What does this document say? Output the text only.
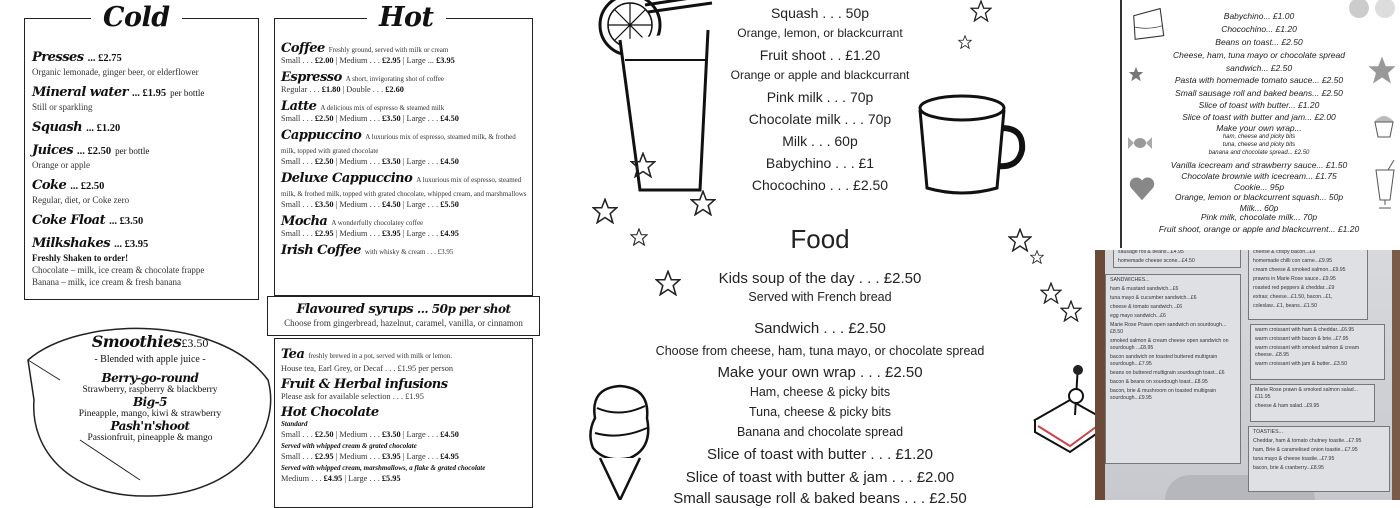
Cold
Presses ... £2.75
Organic lemonade, ginger beer, or elderflower
Mineral water ... £1.95 per bottle
Still or sparkling
Squash ... £1.20
Juices ... £2.50 per bottle
Orange or apple
Coke ... £2.50
Regular, diet, or Coke zero
Coke Float ... £3.50
Milkshakes ... £3.95
Freshly Shaken to order!
Chocolate – milk, ice cream & chocolate frappe
Banana – milk, ice cream & fresh banana
Hot
Coffee Freshly ground, served with milk or cream
Small . . . £2.00 | Medium . . . £2.95 | Large ... £3.95
Espresso A short, invigorating shot of coffee
Regular . . . £1.80 | Double . . . £2.60
Latte A delicious mix of espresso & steamed milk
Small . . . £2.50 | Medium . . . £3.50 | Large . . . £4.50
Cappuccino A luxurious mix of espresso, steamed milk, & frothed milk, topped with grated chocolate
Small . . . £2.50 | Medium . . . £3.50 | Large . . . £4.50
Deluxe Cappuccino A luxurious mix of espresso, steamed milk, & frothed milk, topped with grated chocolate, whipped cream, and marshmallows
Small . . . £3.50 | Medium . . . £4.50 | Large . . . £5.50
Mocha A wonderfully chocolatey coffee
Small . . . £2.95 | Medium . . . £3.95 | Large . . . £4.95
Irish Coffee with whisky & cream . . . £3.95
Flavoured syrups ... 50p per shot
Choose from gingerbread, hazelnut, caramel, vanilla, or cinnamon
Tea freshly brewed in a pot, served with milk or lemon.
House tea, Earl Grey, or Decaf . . . £1.95 per person
Fruit & Herbal infusions
Please ask for available selection . . . £1.95
Hot Chocolate
Standard
Small . . . £2.50 | Medium . . . £3.50 | Large . . . £4.50
Served with whipped cream & grated chocolate
Small . . . £2.95 | Medium . . . £3.95 | Large . . . £4.95
Served with whipped cream, marshmallows, a flake & grated chocolate
Medium . . . £4.95 | Large . . . £5.95
Smoothies£3.50
- Blended with apple juice -
Berry-go-round
Strawberry, raspberry & blackberry
Big-5
Pineapple, mango, kiwi & strawberry
Pash'n'shoot
Passionfruit, pineapple & mango
Squash . . . 50p
Orange, lemon, or blackcurrant
Fruit shoot . . £1.20
Orange or apple and blackcurrant
Pink milk . . . 70p
Chocolate milk . . . 70p
Milk . . . 60p
Babychino . . . £1
Chocochino . . . £2.50
Food
Kids soup of the day . . . £2.50
Served with French bread
Sandwich . . . £2.50
Choose from cheese, ham, tuna mayo, or chocolate spread
Make your own wrap . . . £2.50
Ham, cheese & picky bits
Tuna, cheese & picky bits
Banana and chocolate spread
Slice of toast with butter . . . £1.20
Slice of toast with butter & jam . . . £2.00
Small sausage roll & baked beans . . . £2.50
Babychino... £1.00
Chocochino... £1.20
Beans on toast... £2.50
Cheese, ham, tuna mayo or chocolate spread
sandwich... £2.50
Pasta with homemade tomato sauce... £2.50
Small sausage roll and baked beans... £2.50
Slice of toast with butter... £1.20
Slice of toast with butter and jam... £2.00
Make your own wrap...
ham, cheese and picky bits
tuna, cheese and picky bits
banana and chocolate spread... £2.50
Vanilla icecream and strawberry sauce... £1.50
Chocolate brownie with icecream... £1.75
Cookie... 95p
Orange, lemon or blackcurrent squash... 50p
Milk... 60p
Pink milk, chocolate milk... 70p
Fruit shoot, orange or apple and blackcurrent... £1.20
sausage roll & beans...£4.95
homemade cheese scone...£4.50
SANDWICHES...
ham & mustard sandwich...£6
tuna mayo & cucumber sandwich...£6
cheese & tomato sandwich...£6
egg mayo sandwich...£6
Marie Rose Prawn open sandwich on sourdough...£8.50
smoked salmon & cream cheese open sandwich on sourdough ...£8.95
bacon sandwich on toasted buttered multigrain sourdough...£7.95
beans on buttered multigrain sourdough toast...£6
bacon & beans on sourdough toast...£8.95
bacon, brie & mushroom on toasted multigrain sourdough...£9.95
cheese & crispy bacon...£9
homemade chilli con carne...£9.95
cream cheese & smoked salmon...£9.95
prawns in Marie Rose sauce...£9.95
roasted red peppers & cheddar...£9
extras; cheese...£1.50, bacon...£1,
coleslaw...£1, beans...£1.50
warm croissant with ham & cheddar...£6.95
warm croissant with bacon & brie...£7.95
warm croissant with smoked salmon & cream cheese...£8.95
warm croissant with jam & butter...£3.50
Marie Rose prawn & smoked salmon salad...£11.95
cheese & ham salad...£9.95
TOASTIES...
Cheddar, ham & tomato chutney toastie...£7.95
ham, Brie & caramelised onion toastie...£7.95
tuna mayo & cheese toastie...£7.95
bacon, brie & cranberry...£8.95
